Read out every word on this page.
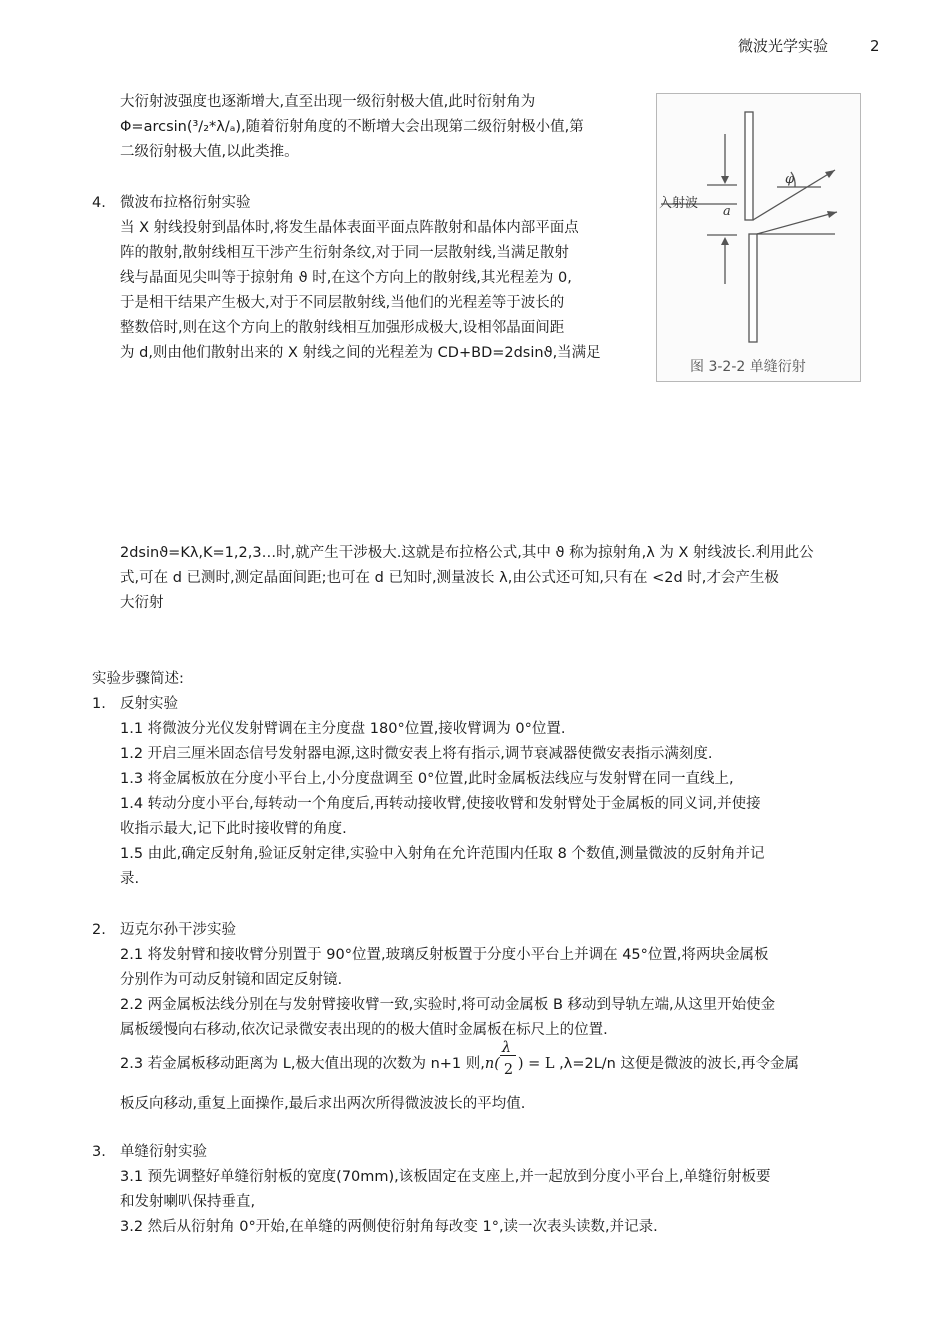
微波光学实验	2
大衍射波强度也逐渐增大,直至出现一级衍射极大值,此时衍射角为
Φ=arcsin(³/₂*λ/ₐ),随着衍射角度的不断增大会出现第二级衍射极小值,第
二级衍射极大值,以此类推。
入射波
φ
a
图 3-2-2 单缝衍射
4. 微波布拉格衍射实验
当 X 射线投射到晶体时,将发生晶体表面平面点阵散射和晶体内部平面点
阵的散射,散射线相互干涉产生衍射条纹,对于同一层散射线,当满足散射
线与晶面见尖叫等于掠射角 ϑ 时,在这个方向上的散射线,其光程差为 0,
于是相干结果产生极大,对于不同层散射线,当他们的光程差等于波长的
整数倍时,则在这个方向上的散射线相互加强形成极大,设相邻晶面间距
为 d,则由他们散射出来的 X 射线之间的光程差为 CD+BD=2dsinϑ,当满足
2dsinϑ=Kλ,K=1,2,3…时,就产生干涉极大.这就是布拉格公式,其中 ϑ 称为掠射角,λ 为 X 射线波长.利用此公
式,可在 d 已测时,测定晶面间距;也可在 d 已知时,测量波长 λ,由公式还可知,只有在 <2d 时,才会产生极
大衍射
实验步骤简述:
1. 反射实验
1.1 将微波分光仪发射臂调在主分度盘 180°位置,接收臂调为 0°位置.
1.2 开启三厘米固态信号发射器电源,这时微安表上将有指示,调节衰减器使微安表指示满刻度.
1.3 将金属板放在分度小平台上,小分度盘调至 0°位置,此时金属板法线应与发射臂在同一直线上,
1.4 转动分度小平台,每转动一个角度后,再转动接收臂,使接收臂和发射臂处于金属板的同义词,并使接
收指示最大,记下此时接收臂的角度.
1.5 由此,确定反射角,验证反射定律,实验中入射角在允许范围内任取 8 个数值,测量微波的反射角并记
录.
2. 迈克尔孙干涉实验
2.1 将发射臂和接收臂分别置于 90°位置,玻璃反射板置于分度小平台上并调在 45°位置,将两块金属板
分别作为可动反射镜和固定反射镜.
2.2 两金属板法线分别在与发射臂接收臂一致,实验时,将可动金属板 B 移动到导轨左端,从这里开始使金
属板缓慢向右移动,依次记录微安表出现的的极大值时金属板在标尺上的位置.
2.3 若金属板移动距离为 L,极大值出现的次数为 n+1 则$,n( \frac{\lambda}{2}$ ) = L ,λ=2L/n 这便是微波的波长,再令金属
板反向移动,重复上面操作,最后求出两次所得微波波长的平均值.
3. 单缝衍射实验
3.1 预先调整好单缝衍射板的宽度(70mm),该板固定在支座上,并一起放到分度小平台上,单缝衍射板要
和发射喇叭保持垂直,
3.2 然后从衍射角 0°开始,在单缝的两侧使衍射角每改变 1°,读一次表头读数,并记录.
